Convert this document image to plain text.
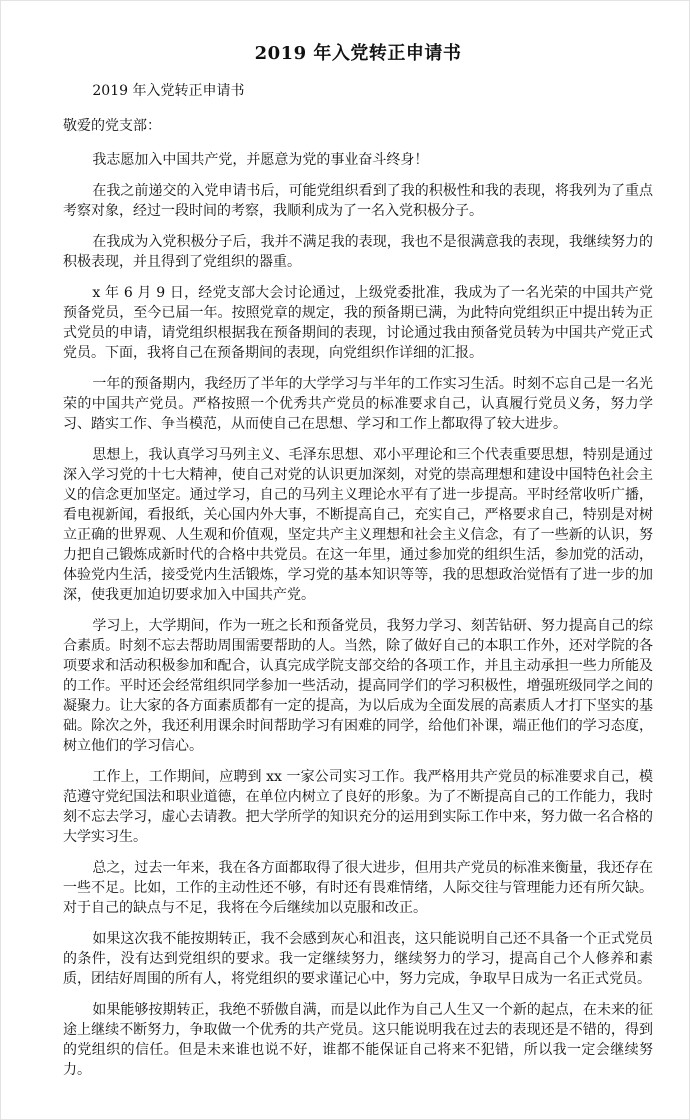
2019 年入党转正申请书

2019 年入党转正申请书

敬爱的党支部：

我志愿加入中国共产党，并愿意为党的事业奋斗终身！

在我之前递交的入党申请书后，可能党组织看到了我的积极性和我的表现，将我列为了重点考察对象，经过一段时间的考察，我顺利成为了一名入党积极分子。

在我成为入党积极分子后，我并不满足我的表现，我也不是很满意我的表现，我继续努力的积极表现，并且得到了党组织的器重。

x 年 6 月 9 日，经党支部大会讨论通过，上级党委批准，我成为了一名光荣的中国共产党预备党员，至今已届一年。按照党章的规定，我的预备期已满，为此特向党组织正中提出转为正式党员的申请，请党组织根据我在预备期间的表现，讨论通过我由预备党员转为中国共产党正式党员。下面，我将自己在预备期间的表现，向党组织作详细的汇报。

一年的预备期内，我经历了半年的大学学习与半年的工作实习生活。时刻不忘自己是一名光荣的中国共产党员。严格按照一个优秀共产党员的标准要求自己，认真履行党员义务，努力学习、踏实工作、争当模范，从而使自己在思想、学习和工作上都取得了较大进步。

思想上，我认真学习马列主义、毛泽东思想、邓小平理论和三个代表重要思想，特别是通过深入学习党的十七大精神，使自己对党的认识更加深刻，对党的崇高理想和建设中国特色社会主义的信念更加坚定。通过学习，自己的马列主义理论水平有了进一步提高。平时经常收听广播，看电视新闻，看报纸，关心国内外大事，不断提高自己，充实自己，严格要求自己，特别是对树立正确的世界观、人生观和价值观，坚定共产主义理想和社会主义信念，有了一些新的认识，努力把自己锻炼成新时代的合格中共党员。在这一年里，通过参加党的组织生活，参加党的活动，体验党内生活，接受党内生活锻炼，学习党的基本知识等等，我的思想政治觉悟有了进一步的加深，使我更加迫切要求加入中国共产党。

学习上，大学期间，作为一班之长和预备党员，我努力学习、刻苦钻研、努力提高自己的综合素质。时刻不忘去帮助周围需要帮助的人。当然，除了做好自己的本职工作外，还对学院的各项要求和活动积极参加和配合，认真完成学院支部交给的各项工作，并且主动承担一些力所能及的工作。平时还会经常组织同学参加一些活动，提高同学们的学习积极性，增强班级同学之间的凝聚力。让大家的各方面素质都有一定的提高，为以后成为全面发展的高素质人才打下坚实的基础。除次之外，我还利用课余时间帮助学习有困难的同学，给他们补课，端正他们的学习态度，树立他们的学习信心。

工作上，工作期间，应聘到 xx 一家公司实习工作。我严格用共产党员的标准要求自己，模范遵守党纪国法和职业道德，在单位内树立了良好的形象。为了不断提高自己的工作能力，我时刻不忘去学习，虚心去请教。把大学所学的知识充分的运用到实际工作中来，努力做一名合格的大学实习生。

总之，过去一年来，我在各方面都取得了很大进步，但用共产党员的标准来衡量，我还存在一些不足。比如，工作的主动性还不够，有时还有畏难情绪，人际交往与管理能力还有所欠缺。对于自己的缺点与不足，我将在今后继续加以克服和改正。

如果这次我不能按期转正，我不会感到灰心和沮丧，这只能说明自己还不具备一个正式党员的条件，没有达到党组织的要求。我一定继续努力，继续努力的学习，提高自己个人修养和素质，团结好周围的所有人，将党组织的要求谨记心中，努力完成，争取早日成为一名正式党员。

如果能够按期转正，我绝不骄傲自满，而是以此作为自己人生又一个新的起点，在未来的征途上继续不断努力，争取做一个优秀的共产党员。这只能说明我在过去的表现还是不错的，得到的党组织的信任。但是未来谁也说不好，谁都不能保证自己将来不犯错，所以我一定会继续努力。
